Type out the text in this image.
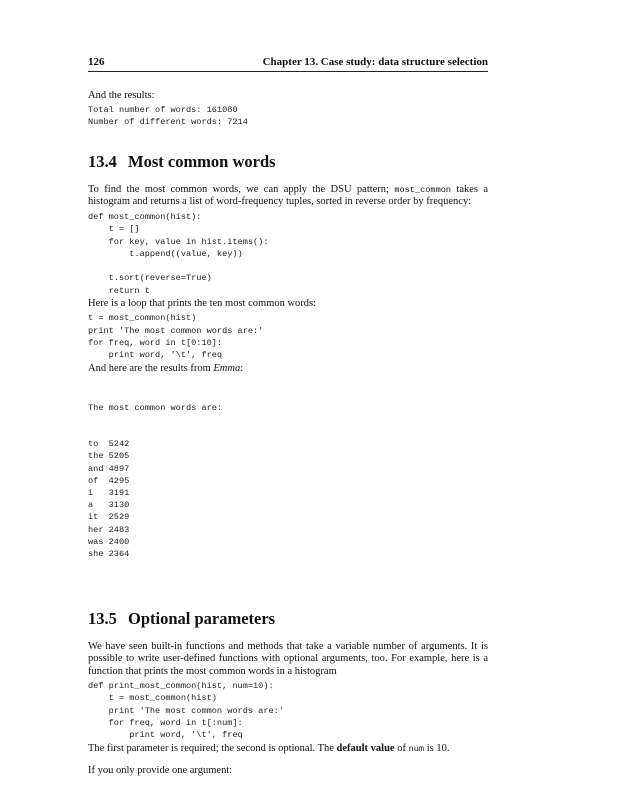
126	Chapter 13. Case study: data structure selection

And the results:

Total number of words: 161080
Number of different words: 7214
13.4 Most common words

To find the most common words, we can apply the DSU pattern; most_common takes a histogram and returns a list of word-frequency tuples, sorted in reverse order by frequency:

def most_common(hist):
t = []
for key, value in hist.items():
t.append((value, key))
t.sort(reverse=True)
return t

Here is a loop that prints the ten most common words:

t = most_common(hist)
print 'The most common words are:'
for freq, word in t[0:10]:
print word, '\t', freq

And here are the results from Emma:

The most common words are:

to	5242
the	5205
and	4897
of	4295
i	3191
a	3130
it	2529
her	2483
was	2400
she	2364

13.5 Optional parameters

We have seen built-in functions and methods that take a variable number of arguments. It is possible to write user-defined functions with optional arguments, too. For example, here is a function that prints the most common words in a histogram

def print_most_common(hist, num=10):
t = most_common(hist)
print 'The most common words are:'
for freq, word in t[:num]:
print word, '\t', freq

The first parameter is required; the second is optional. The default value of num is 10.

If you only provide one argument:
